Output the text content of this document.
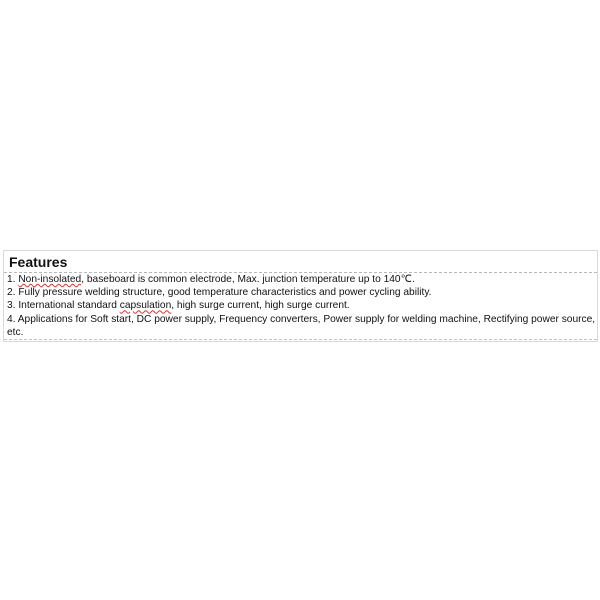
Features
1. Non-insolated, baseboard is common electrode, Max. junction temperature up to 140℃.
2. Fully pressure welding structure, good temperature characteristics and power cycling ability.
3. International standard capsulation, high surge current, high surge current.
4. Applications for Soft start, DC power supply, Frequency converters, Power supply for welding machine, Rectifying power source, etc.
